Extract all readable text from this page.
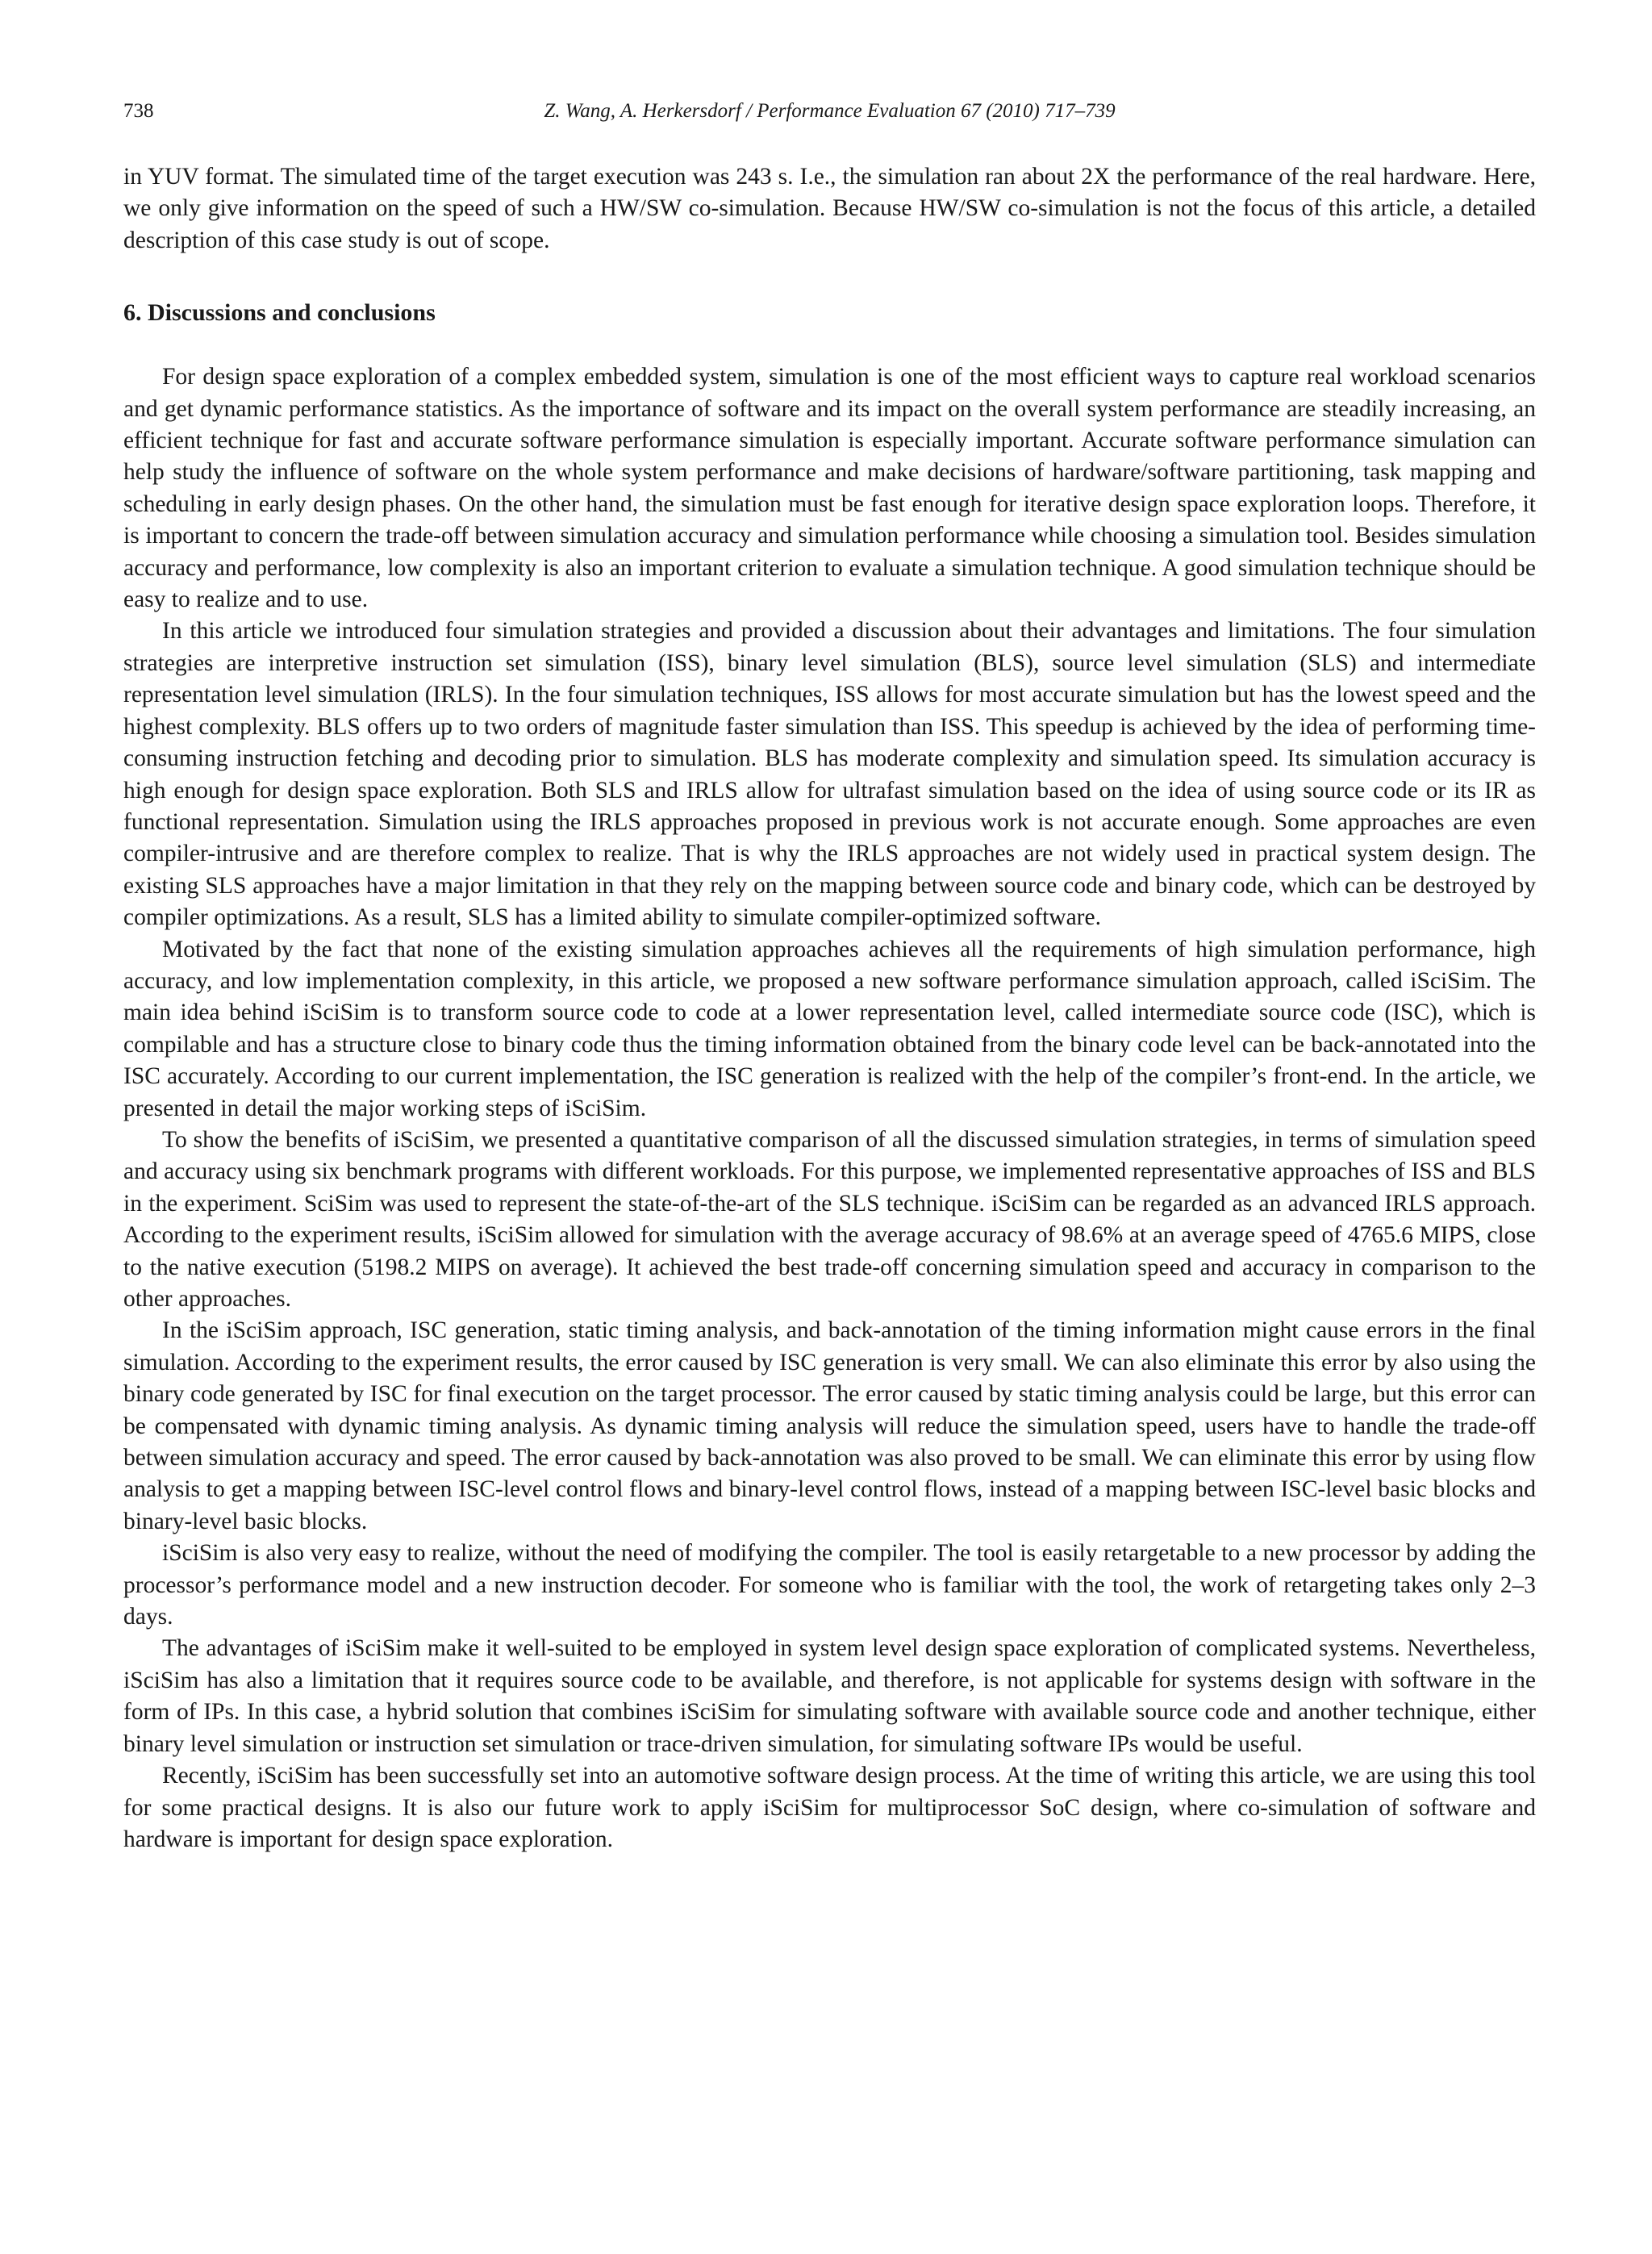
738	Z. Wang, A. Herkersdorf / Performance Evaluation 67 (2010) 717–739

in YUV format. The simulated time of the target execution was 243 s. I.e., the simulation ran about 2X the performance of the real hardware. Here, we only give information on the speed of such a HW/SW co-simulation. Because HW/SW co-simulation is not the focus of this article, a detailed description of this case study is out of scope.

6. Discussions and conclusions

For design space exploration of a complex embedded system, simulation is one of the most efficient ways to capture real workload scenarios and get dynamic performance statistics. As the importance of software and its impact on the overall system performance are steadily increasing, an efficient technique for fast and accurate software performance simulation is especially important. Accurate software performance simulation can help study the influence of software on the whole system performance and make decisions of hardware/software partitioning, task mapping and scheduling in early design phases. On the other hand, the simulation must be fast enough for iterative design space exploration loops. Therefore, it is important to concern the trade-off between simulation accuracy and simulation performance while choosing a simulation tool. Besides simulation accuracy and performance, low complexity is also an important criterion to evaluate a simulation technique. A good simulation technique should be easy to realize and to use.

In this article we introduced four simulation strategies and provided a discussion about their advantages and limitations. The four simulation strategies are interpretive instruction set simulation (ISS), binary level simulation (BLS), source level simulation (SLS) and intermediate representation level simulation (IRLS). In the four simulation techniques, ISS allows for most accurate simulation but has the lowest speed and the highest complexity. BLS offers up to two orders of magnitude faster simulation than ISS. This speedup is achieved by the idea of performing time-consuming instruction fetching and decoding prior to simulation. BLS has moderate complexity and simulation speed. Its simulation accuracy is high enough for design space exploration. Both SLS and IRLS allow for ultrafast simulation based on the idea of using source code or its IR as functional representation. Simulation using the IRLS approaches proposed in previous work is not accurate enough. Some approaches are even compiler-intrusive and are therefore complex to realize. That is why the IRLS approaches are not widely used in practical system design. The existing SLS approaches have a major limitation in that they rely on the mapping between source code and binary code, which can be destroyed by compiler optimizations. As a result, SLS has a limited ability to simulate compiler-optimized software.

Motivated by the fact that none of the existing simulation approaches achieves all the requirements of high simulation performance, high accuracy, and low implementation complexity, in this article, we proposed a new software performance simulation approach, called iSciSim. The main idea behind iSciSim is to transform source code to code at a lower representation level, called intermediate source code (ISC), which is compilable and has a structure close to binary code thus the timing information obtained from the binary code level can be back-annotated into the ISC accurately. According to our current implementation, the ISC generation is realized with the help of the compiler’s front-end. In the article, we presented in detail the major working steps of iSciSim.

To show the benefits of iSciSim, we presented a quantitative comparison of all the discussed simulation strategies, in terms of simulation speed and accuracy using six benchmark programs with different workloads. For this purpose, we implemented representative approaches of ISS and BLS in the experiment. SciSim was used to represent the state-of-the-art of the SLS technique. iSciSim can be regarded as an advanced IRLS approach. According to the experiment results, iSciSim allowed for simulation with the average accuracy of 98.6% at an average speed of 4765.6 MIPS, close to the native execution (5198.2 MIPS on average). It achieved the best trade-off concerning simulation speed and accuracy in comparison to the other approaches.

In the iSciSim approach, ISC generation, static timing analysis, and back-annotation of the timing information might cause errors in the final simulation. According to the experiment results, the error caused by ISC generation is very small. We can also eliminate this error by also using the binary code generated by ISC for final execution on the target processor. The error caused by static timing analysis could be large, but this error can be compensated with dynamic timing analysis. As dynamic timing analysis will reduce the simulation speed, users have to handle the trade-off between simulation accuracy and speed. The error caused by back-annotation was also proved to be small. We can eliminate this error by using flow analysis to get a mapping between ISC-level control flows and binary-level control flows, instead of a mapping between ISC-level basic blocks and binary-level basic blocks.

iSciSim is also very easy to realize, without the need of modifying the compiler. The tool is easily retargetable to a new processor by adding the processor’s performance model and a new instruction decoder. For someone who is familiar with the tool, the work of retargeting takes only 2–3 days.

The advantages of iSciSim make it well-suited to be employed in system level design space exploration of complicated systems. Nevertheless, iSciSim has also a limitation that it requires source code to be available, and therefore, is not applicable for systems design with software in the form of IPs. In this case, a hybrid solution that combines iSciSim for simulating software with available source code and another technique, either binary level simulation or instruction set simulation or trace-driven simulation, for simulating software IPs would be useful.

Recently, iSciSim has been successfully set into an automotive software design process. At the time of writing this article, we are using this tool for some practical designs. It is also our future work to apply iSciSim for multiprocessor SoC design, where co-simulation of software and hardware is important for design space exploration.
